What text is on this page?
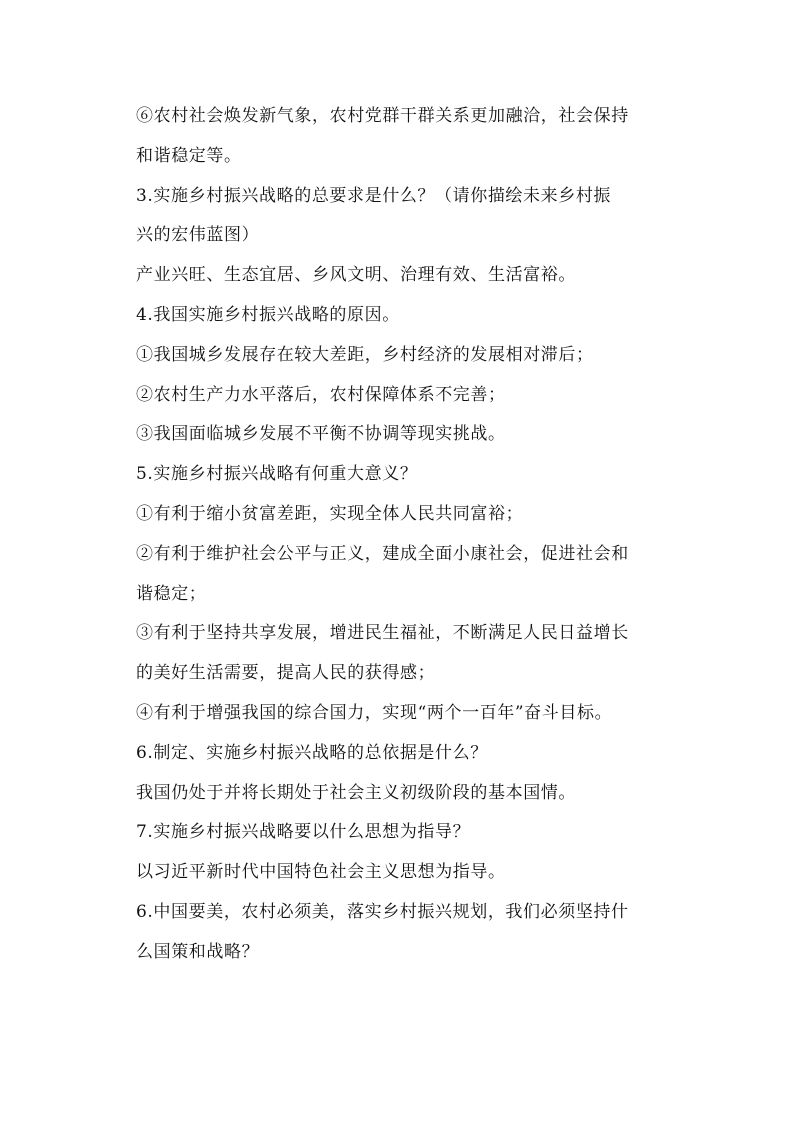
⑥农村社会焕发新气象，农村党群干群关系更加融洽，社会保持
和谐稳定等。
3.实施乡村振兴战略的总要求是什么？（请你描绘未来乡村振
兴的宏伟蓝图）
产业兴旺、生态宜居、乡风文明、治理有效、生活富裕。
4.我国实施乡村振兴战略的原因。
①我国城乡发展存在较大差距，乡村经济的发展相对滞后；
②农村生产力水平落后，农村保障体系不完善；
③我国面临城乡发展不平衡不协调等现实挑战。
5.实施乡村振兴战略有何重大意义？
①有利于缩小贫富差距，实现全体人民共同富裕；
②有利于维护社会公平与正义，建成全面小康社会，促进社会和
谐稳定；
③有利于坚持共享发展，增进民生福祉，不断满足人民日益增长
的美好生活需要，提高人民的获得感；
④有利于增强我国的综合国力，实现“两个一百年”奋斗目标。
6.制定、实施乡村振兴战略的总依据是什么？
我国仍处于并将长期处于社会主义初级阶段的基本国情。
7.实施乡村振兴战略要以什么思想为指导？
以习近平新时代中国特色社会主义思想为指导。
6.中国要美，农村必须美，落实乡村振兴规划，我们必须坚持什
么国策和战略？
